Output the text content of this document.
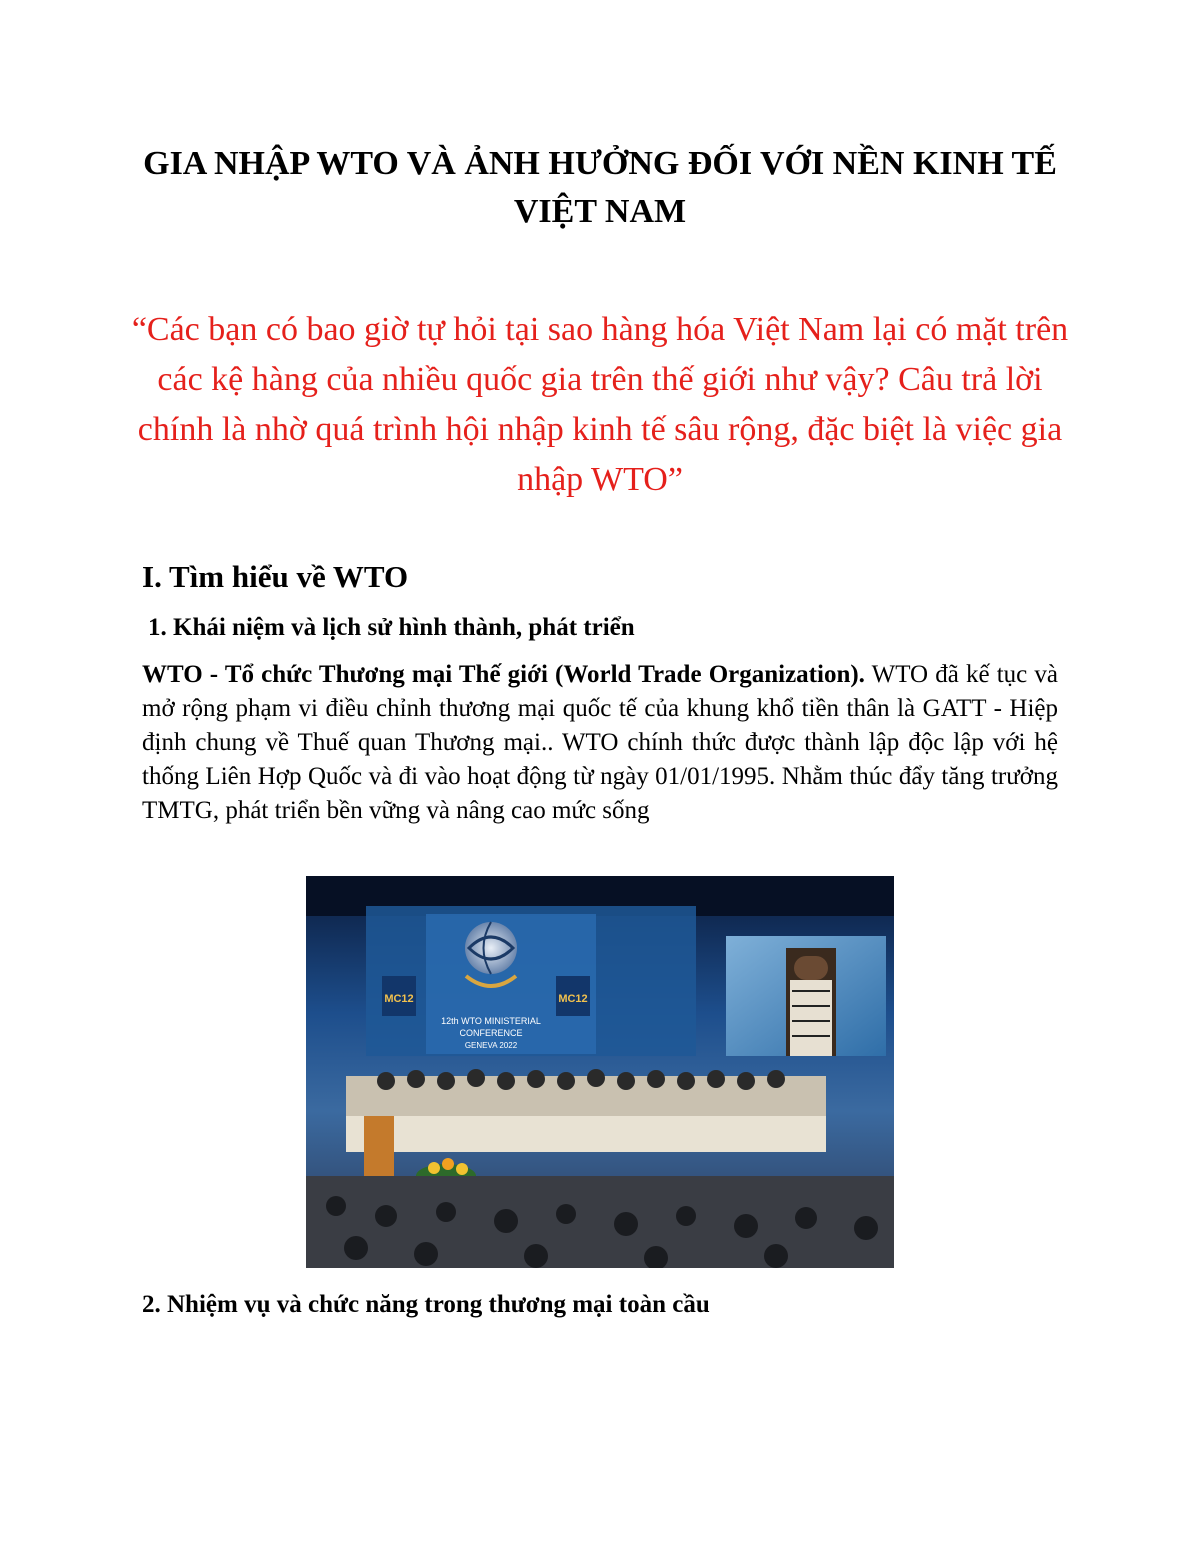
GIA NHẬP WTO VÀ ẢNH HƯỞNG ĐỐI VỚI NỀN KINH TẾ VIỆT NAM

“Các bạn có bao giờ tự hỏi tại sao hàng hóa Việt Nam lại có mặt trên các kệ hàng của nhiều quốc gia trên thế giới như vậy? Câu trả lời chính là nhờ quá trình hội nhập kinh tế sâu rộng, đặc biệt là việc gia nhập WTO”

I. Tìm hiểu về WTO
1. Khái niệm và lịch sử hình thành, phát triển

WTO - Tổ chức Thương mại Thế giới (World Trade Organization). WTO đã kế tục và mở rộng phạm vi điều chỉnh thương mại quốc tế của khung khổ tiền thân là GATT - Hiệp định chung về Thuế quan Thương mại.. WTO chính thức được thành lập độc lập với hệ thống Liên Hợp Quốc và đi vào hoạt động từ ngày 01/01/1995. Nhằm thúc đẩy tăng trưởng TMTG, phát triển bền vững và nâng cao mức sống

12th WTO MINISTERIAL
CONFERENCE
GENEVA 2022
MC12	MC12
2. Nhiệm vụ và chức năng trong thương mại toàn cầu
